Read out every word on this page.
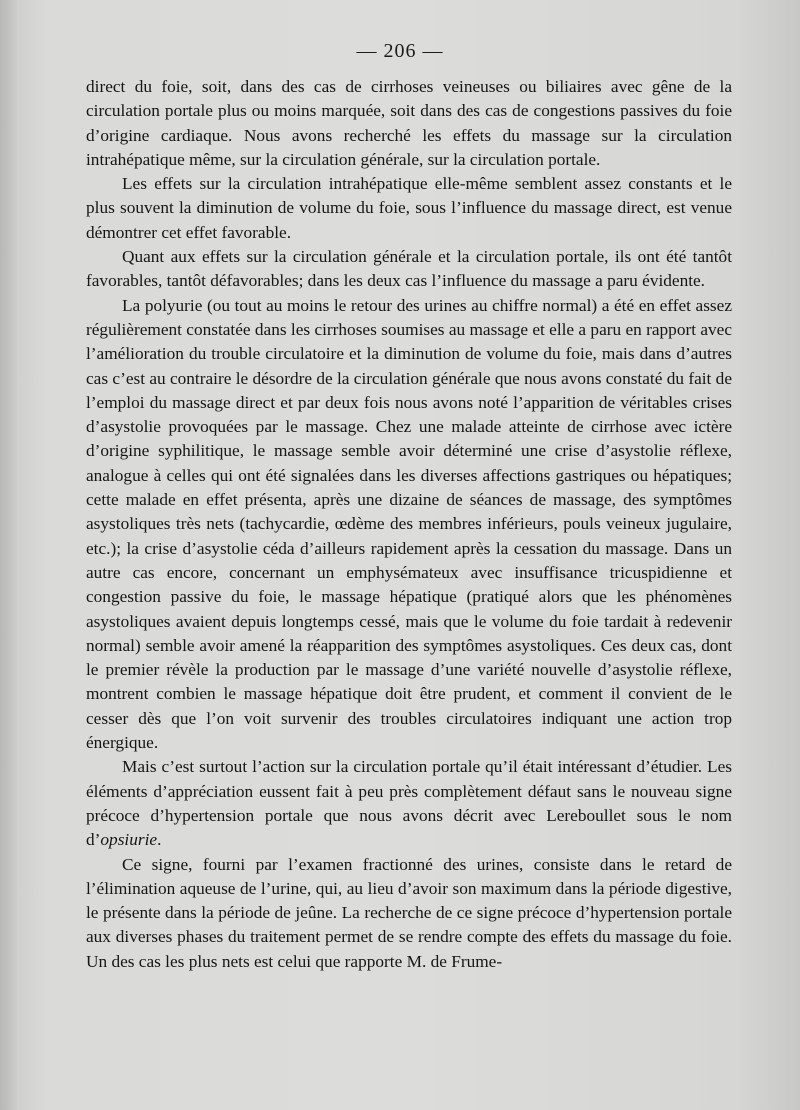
— 206 —

direct du foie, soit, dans des cas de cirrhoses veineuses ou biliaires avec gêne de la circulation portale plus ou moins marquée, soit dans des cas de congestions passives du foie d’origine cardiaque. Nous avons recherché les effets du massage sur la circulation intrahépatique même, sur la circulation générale, sur la circulation portale.

Les effets sur la circulation intrahépatique elle-même semblent assez constants et le plus souvent la diminution de volume du foie, sous l’influence du massage direct, est venue démontrer cet effet favorable.

Quant aux effets sur la circulation générale et la circulation portale, ils ont été tantôt favorables, tantôt défavorables; dans les deux cas l’influence du massage a paru évidente.

La polyurie (ou tout au moins le retour des urines au chiffre normal) a été en effet assez régulièrement constatée dans les cirrhoses soumises au massage et elle a paru en rapport avec l’amélioration du trouble circulatoire et la diminution de volume du foie, mais dans d’autres cas c’est au contraire le désordre de la circulation générale que nous avons constaté du fait de l’emploi du massage direct et par deux fois nous avons noté l’apparition de véritables crises d’asystolie provoquées par le massage. Chez une malade atteinte de cirrhose avec ictère d’origine syphilitique, le massage semble avoir déterminé une crise d’asystolie réflexe, analogue à celles qui ont été signalées dans les diverses affections gastriques ou hépatiques; cette malade en effet présenta, après une dizaine de séances de massage, des symptômes asystoliques très nets (tachycardie, œdème des membres inférieurs, pouls veineux jugulaire, etc.); la crise d’asystolie céda d’ailleurs rapidement après la cessation du massage. Dans un autre cas encore, concernant un emphysémateux avec insuffisance tricuspidienne et congestion passive du foie, le massage hépatique (pratiqué alors que les phénomènes asystoliques avaient depuis longtemps cessé, mais que le volume du foie tardait à redevenir normal) semble avoir amené la réapparition des symptômes asystoliques. Ces deux cas, dont le premier révèle la production par le massage d’une variété nouvelle d’asystolie réflexe, montrent combien le massage hépatique doit être prudent, et comment il convient de le cesser dès que l’on voit survenir des troubles circulatoires indiquant une action trop énergique.

Mais c’est surtout l’action sur la circulation portale qu’il était intéressant d’étudier. Les éléments d’appréciation eussent fait à peu près complètement défaut sans le nouveau signe précoce d’hypertension portale que nous avons décrit avec Lereboullet sous le nom d’opsiurie.

Ce signe, fourni par l’examen fractionné des urines, consiste dans le retard de l’élimination aqueuse de l’urine, qui, au lieu d’avoir son maximum dans la période digestive, le présente dans la période de jeûne. La recherche de ce signe précoce d’hypertension portale aux diverses phases du traitement permet de se rendre compte des effets du massage du foie. Un des cas les plus nets est celui que rapporte M. de Frume-
